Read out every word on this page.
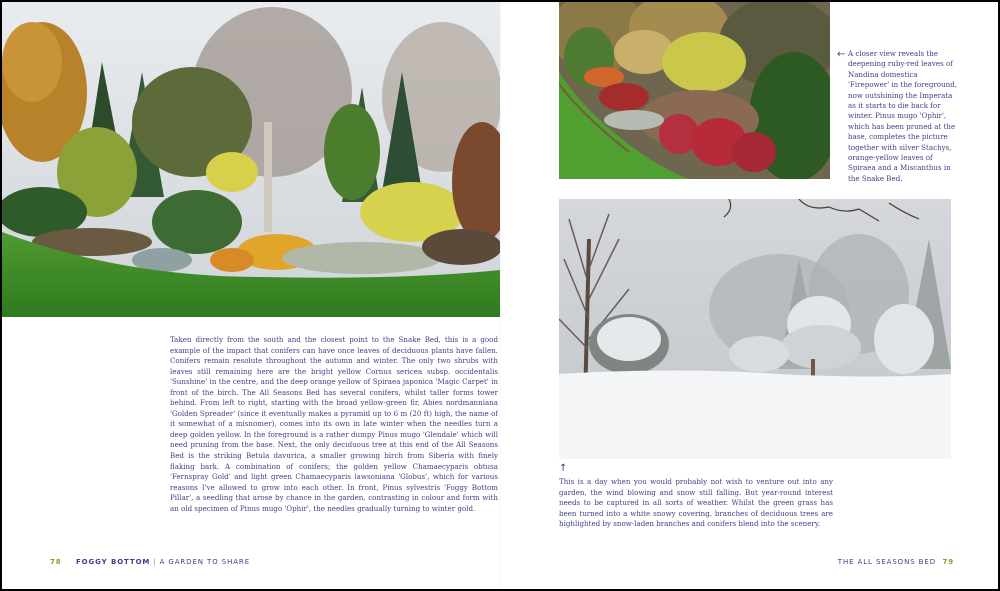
Taken directly from the south and the closest point to the Snake Bed, this is a good example of the impact that conifers can have once leaves of deciduous plants have fallen. Conifers remain resolute throughout the autumn and winter. The only two shrubs with leaves still remaining here are the bright yellow Cornus sericea subsp. occidentalis 'Sunshine' in the centre, and the deep orange yellow of Spiraea japonica 'Magic Carpet' in front of the birch. The All Seasons Bed has several conifers, whilst taller forms tower behind. From left to right, starting with the broad yellow-green fir, Abies nordmanniana 'Golden Spreader' (since it eventually makes a pyramid up to 6 m (20 ft) high, the name of it somewhat of a misnomer), comes into its own in late winter when the needles turn a deep golden yellow. In the foreground is a rather dumpy Pinus mugo 'Glendale' which will need pruning from the base. Next, the only deciduous tree at this end of the All Seasons Bed is the striking Betula davurica, a smaller growing birch from Siberia with finely flaking bark. A combination of conifers; the golden yellow Chamaecyparis obtusa 'Fernspray Gold' and light green Chamaecyparis lawsoniana 'Globus', which for various reasons I've allowed to grow into each other. In front, Pinus sylvestris 'Foggy Bottom Pillar', a seedling that arose by chance in the garden, contrasting in colour and form with an old specimen of Pinus mugo 'Ophir', the needles gradually turning to winter gold.
← A closer view reveals the deepening ruby-red leaves of Nandina domestica 'Firepower' in the foreground, now outshining the Imperata as it starts to die back for winter. Pinus mugo 'Ophir', which has been pruned at the base, completes the picture together with silver Stachys, orange-yellow leaves of Spiraea and a Miscanthus in the Snake Bed.
↑
This is a day when you would probably not wish to venture out into any garden, the wind blowing and snow still falling. But year-round interest needs to be captured in all sorts of weather. Whilst the green grass has been turned into a white snowy covering, branches of deciduous trees are highlighted by snow-laden branches and conifers blend into the scenery.
78 FOGGY BOTTOM | A GARDEN TO SHARE	THE ALL SEASONS BED 79
